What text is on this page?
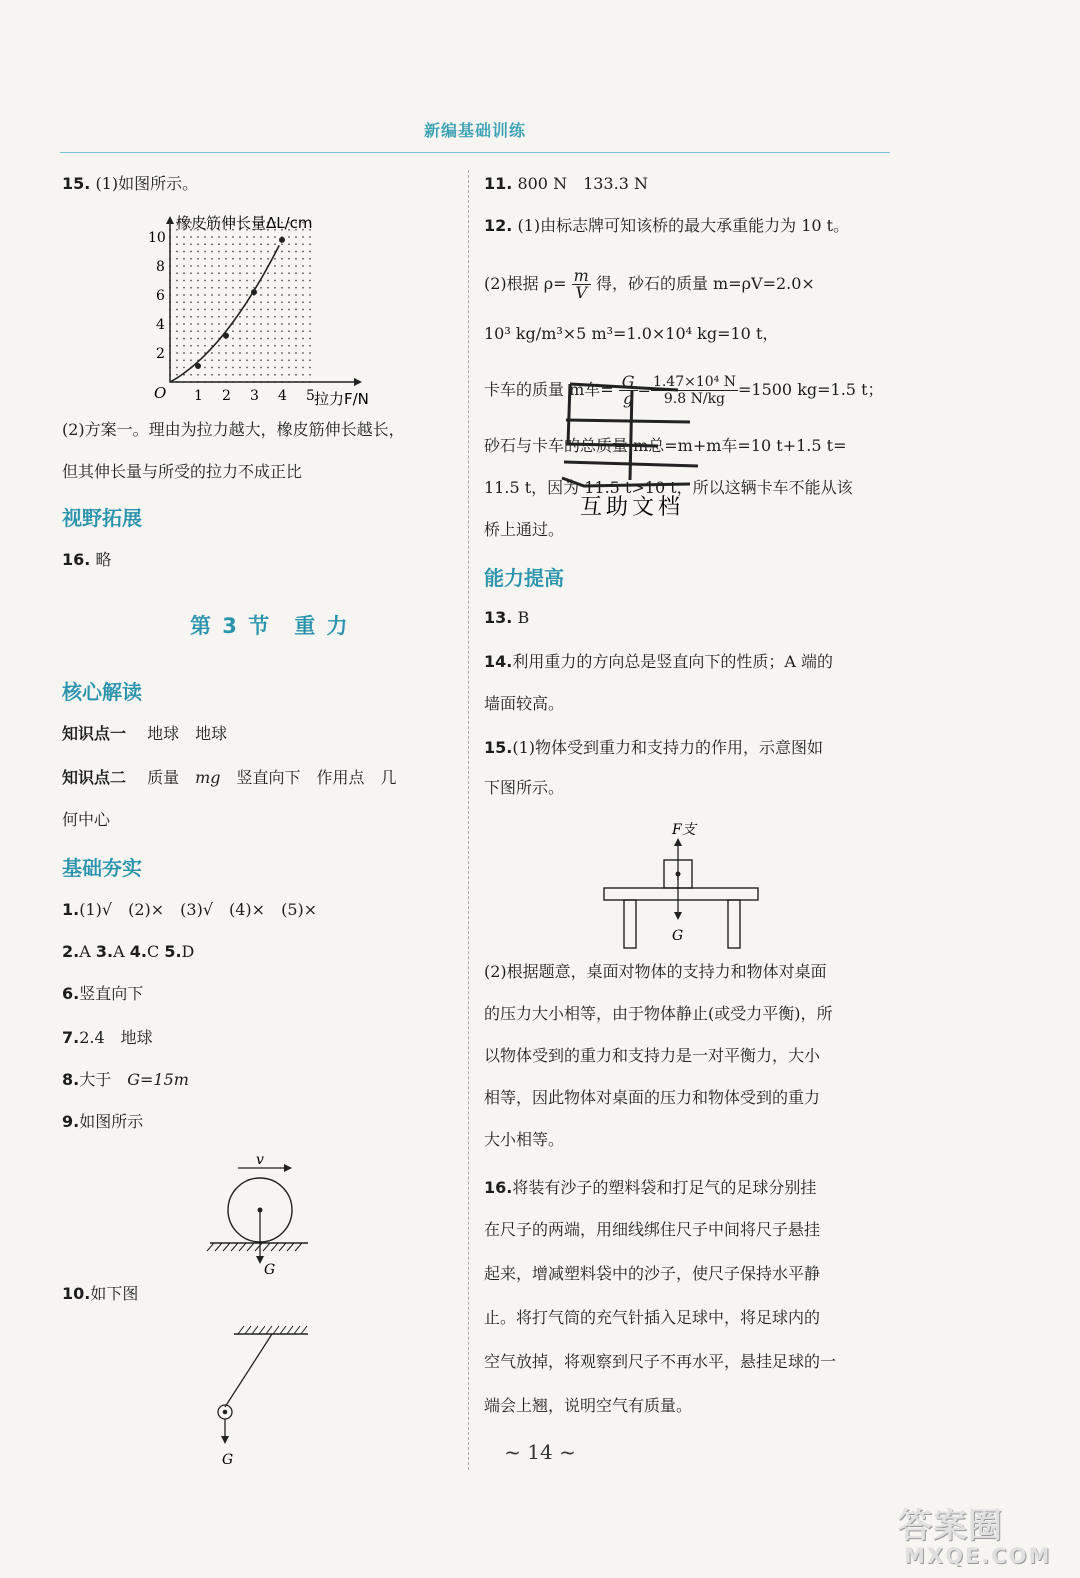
新编基础训练
15. (1)如图所示。
1 2 3 4 5
2
4
6
8
10
橡皮筋伸长量ΔL/cm
拉力F/N
O
(2)方案一。理由为拉力越大，橡皮筋伸长越长，
但其伸长量与所受的拉力不成正比
视野拓展
16. 略
第 3 节　重 力
核心解读
知识点一　 地球　地球
知识点二　 质量　mg　竖直向下　作用点　几
何中心
基础夯实
1.(1)√　(2)×　(3)√　(4)×　(5)×
2.A 3.A 4.C 5.D
6.竖直向下
7.2.4　地球
8.大于　G=15m
9.如图所示
v
G
10.如下图
G
11. 800 N　133.3 N
12. (1)由标志牌可知该桥的最大承重能力为 10 t。
(2)根据 $\rho= \frac{m}{V}$ 得，砂石的质量 m=ρV=2.0×
10³ kg/m³×5 m³=1.0×10⁴ kg=10 t，
卡车的质量 m车= $\frac{G}{g} = \frac{\text{1.47×10⁴ N}}{9.8 N/kg} =1500$ kg=1.5 t；
砂石与卡车的总质量 m总=m+m车=10 t+1.5 t=
11.5 t，因为 11.5 t>10 t，所以这辆卡车不能从该
桥上通过。
互助文档
能力提高
13. B
14.利用重力的方向总是竖直向下的性质；A 端的
墙面较高。
15.(1)物体受到重力和支持力的作用，示意图如
下图所示。
F支
G
(2)根据题意，桌面对物体的支持力和物体对桌面
的压力大小相等，由于物体静止(或受力平衡)，所
以物体受到的重力和支持力是一对平衡力，大小
相等，因此物体对桌面的压力和物体受到的重力
大小相等。
16.将装有沙子的塑料袋和打足气的足球分别挂
在尺子的两端，用细线绑住尺子中间将尺子悬挂
起来，增减塑料袋中的沙子，使尺子保持水平静
止。将打气筒的充气针插入足球中，将足球内的
空气放掉，将观察到尺子不再水平，悬挂足球的一
端会上翘，说明空气有质量。
~ 14 ~
答案圈
MXQE.COM
